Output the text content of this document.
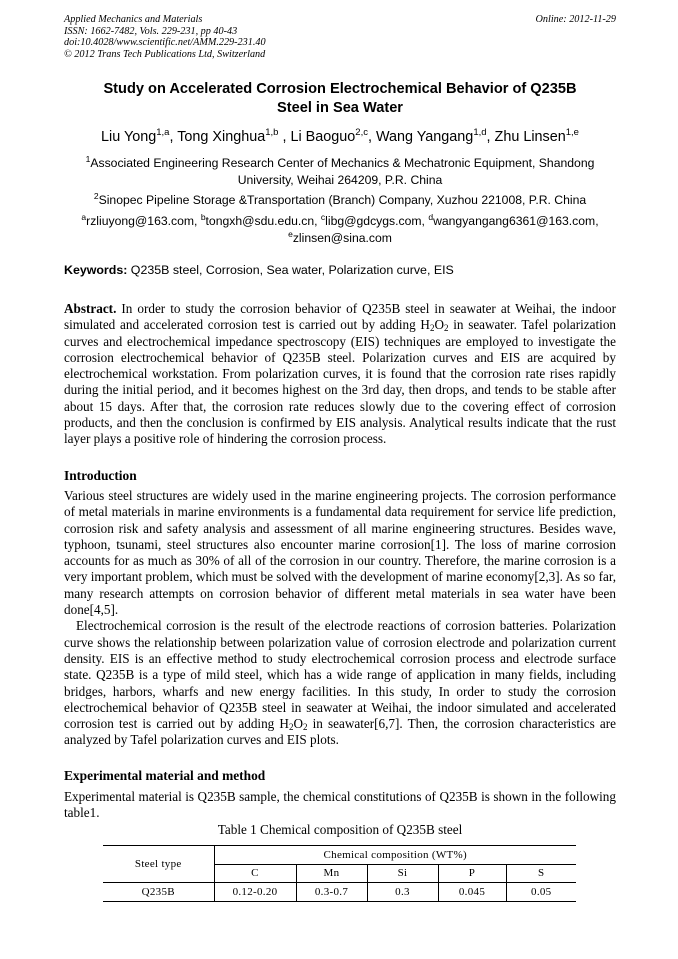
Applied Mechanics and Materials
ISSN: 1662-7482, Vols. 229-231, pp 40-43
doi:10.4028/www.scientific.net/AMM.229-231.40
© 2012 Trans Tech Publications Ltd, Switzerland
Online: 2012-11-29
Study on Accelerated Corrosion Electrochemical Behavior of Q235B
Steel in Sea Water
Liu Yong$^{1,a}$, Tong Xinghua$^{1,b}$ , Li Baoguo$^{2,c}$, Wang Yangang$^{1,d}$, Zhu Linsen$^{1,e}$
$^1$Associated Engineering Research Center of Mechanics & Mechatronic Equipment, Shandong
University, Weihai 264209, P.R. China
$^2$Sinopec Pipeline Storage &Transportation (Branch) Company, Xuzhou 221008, P.R. China
$^a$rzliuyong@163.com, $^b$tongxh@sdu.edu.cn, $^c$libg@gdcygs.com, $^d$wangyangang6361@163.com,
$^e$zlinsen@sina.com
Keywords: Q235B steel, Corrosion, Sea water, Polarization curve, EIS
Abstract. In order to study the corrosion behavior of Q235B steel in seawater at Weihai, the indoor simulated and accelerated corrosion test is carried out by adding $H_2O_2$ in seawater. Tafel polarization curves and electrochemical impedance spectroscopy (EIS) techniques are employed to investigate the corrosion electrochemical behavior of Q235B steel. Polarization curves and EIS are acquired by electrochemical workstation. From polarization curves, it is found that the corrosion rate rises rapidly during the initial period, and it becomes highest on the 3rd day, then drops, and tends to be stable after about 15 days. After that, the corrosion rate reduces slowly due to the covering effect of corrosion products, and then the conclusion is confirmed by EIS analysis. Analytical results indicate that the rust layer plays a positive role of hindering the corrosion process.
Introduction
Various steel structures are widely used in the marine engineering projects. The corrosion performance of metal materials in marine environments is a fundamental data requirement for service life prediction, corrosion risk and safety analysis and assessment of all marine engineering structures. Besides wave, typhoon, tsunami, steel structures also encounter marine corrosion[1]. The loss of marine corrosion accounts for as much as 30% of all of the corrosion in our country. Therefore, the marine corrosion is a very important problem, which must be solved with the development of marine economy[2,3]. As so far, many research attempts on corrosion behavior of different metal materials in sea water have been done[4,5].
Electrochemical corrosion is the result of the electrode reactions of corrosion batteries. Polarization curve shows the relationship between polarization value of corrosion electrode and polarization current density. EIS is an effective method to study electrochemical corrosion process and electrode surface state. Q235B is a type of mild steel, which has a wide range of application in many fields, including bridges, harbors, wharfs and new energy facilities. In this study, In order to study the corrosion electrochemical behavior of Q235B steel in seawater at Weihai, the indoor simulated and accelerated corrosion test is carried out by adding $H_2O_2$ in seawater[6,7]. Then, the corrosion characteristics are analyzed by Tafel polarization curves and EIS plots.
Experimental material and method
Experimental material is Q235B sample, the chemical constitutions of Q235B is shown in the following table1.
Table 1 Chemical composition of Q235B steel
Steel type	Chemical composition (WT%)				
	C	Mn	Si	P	S
Q235B	0.12-0.20	0.3-0.7	0.3	0.045	0.05
